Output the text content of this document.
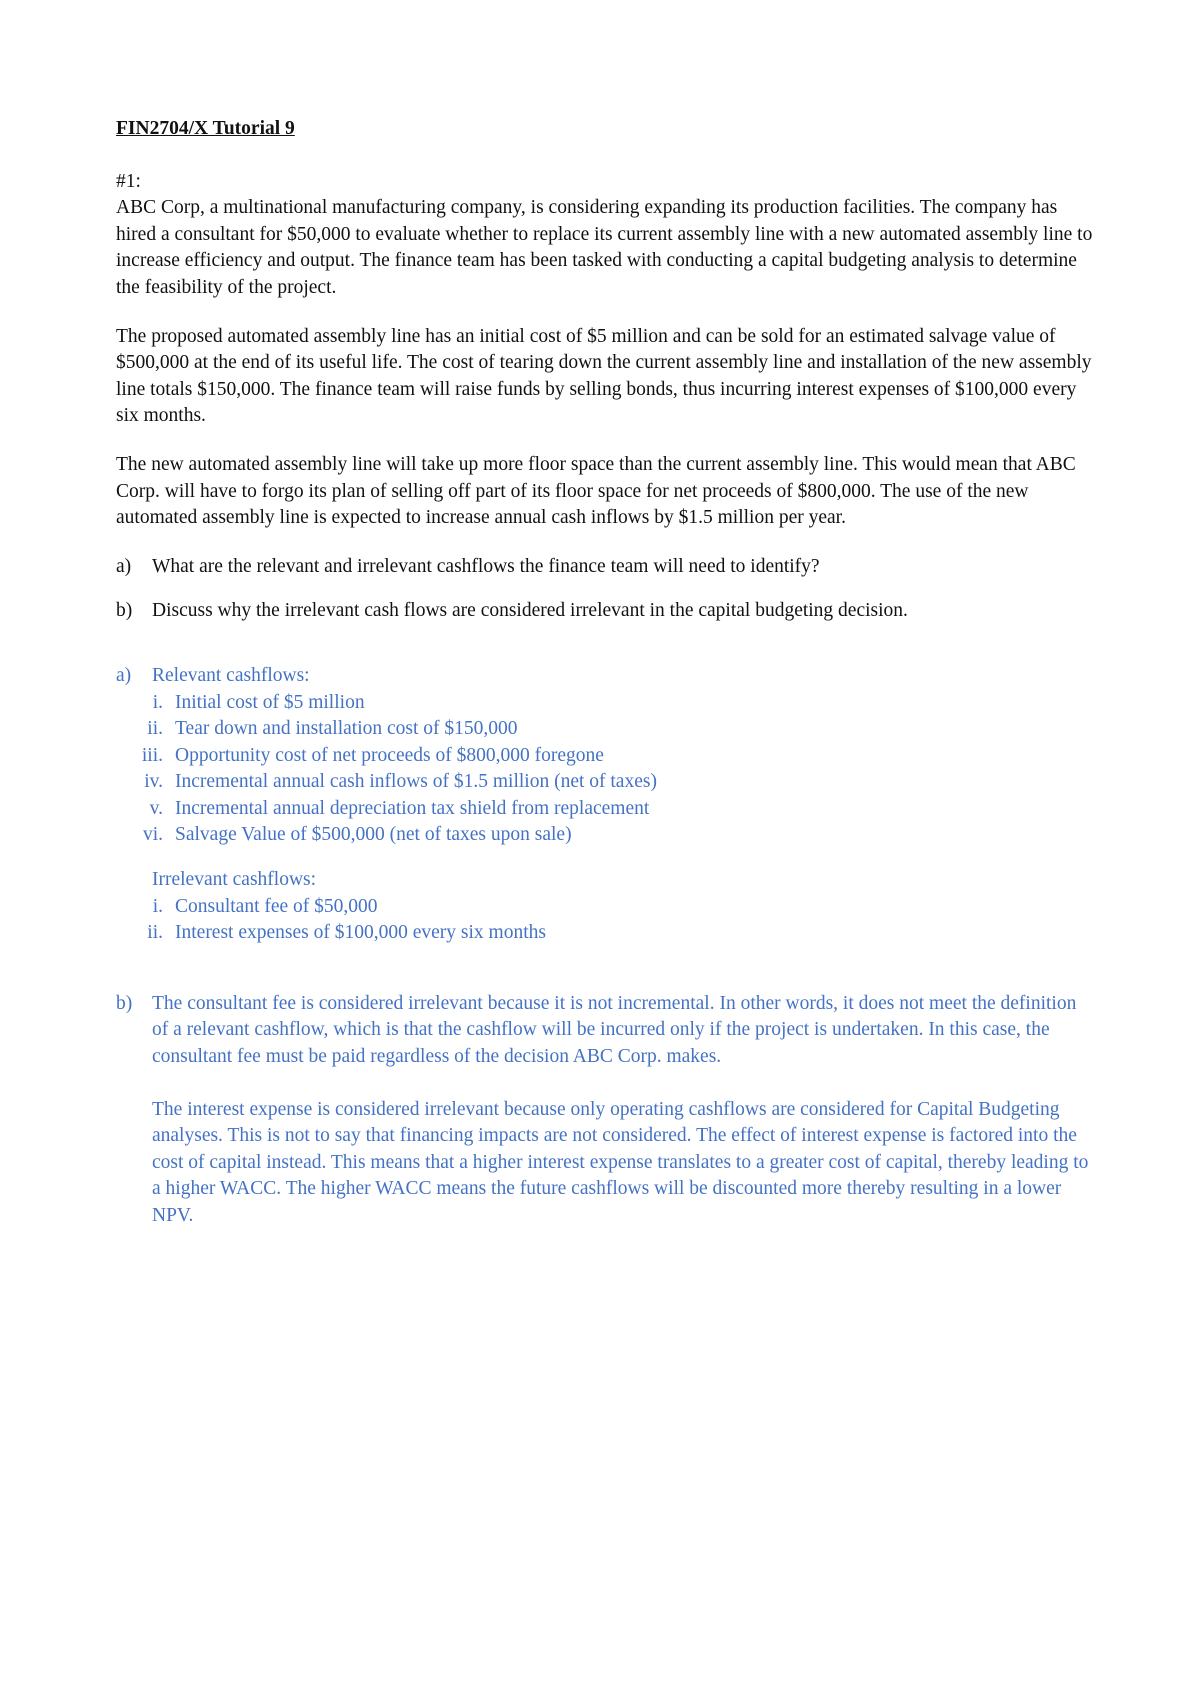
FIN2704/X Tutorial 9

#1:

ABC Corp, a multinational manufacturing company, is considering expanding its production facilities. The company has hired a consultant for $50,000 to evaluate whether to replace its current assembly line with a new automated assembly line to increase efficiency and output. The finance team has been tasked with conducting a capital budgeting analysis to determine the feasibility of the project.

The proposed automated assembly line has an initial cost of $5 million and can be sold for an estimated salvage value of $500,000 at the end of its useful life. The cost of tearing down the current assembly line and installation of the new assembly line totals $150,000. The finance team will raise funds by selling bonds, thus incurring interest expenses of $100,000 every six months.

The new automated assembly line will take up more floor space than the current assembly line. This would mean that ABC Corp. will have to forgo its plan of selling off part of its floor space for net proceeds of $800,000. The use of the new automated assembly line is expected to increase annual cash inflows by $1.5 million per year.

a)	What are the relevant and irrelevant cashflows the finance team will need to identify?
b)	Discuss why the irrelevant cash flows are considered irrelevant in the capital budgeting decision.
a)	Relevant cashflows:
i. Initial cost of $5 million
ii. Tear down and installation cost of $150,000
iii. Opportunity cost of net proceeds of $800,000 foregone
iv. Incremental annual cash inflows of $1.5 million (net of taxes)
v. Incremental annual depreciation tax shield from replacement
vi. Salvage Value of $500,000 (net of taxes upon sale)

Irrelevant cashflows:

i. Consultant fee of $50,000
ii. Interest expenses of $100,000 every six months
b)	The consultant fee is considered irrelevant because it is not incremental. In other words, it does not meet the definition of a relevant cashflow, which is that the cashflow will be incurred only if the project is undertaken. In this case, the consultant fee must be paid regardless of the decision ABC Corp. makes.

The interest expense is considered irrelevant because only operating cashflows are considered for Capital Budgeting analyses. This is not to say that financing impacts are not considered. The effect of interest expense is factored into the cost of capital instead. This means that a higher interest expense translates to a greater cost of capital, thereby leading to a higher WACC. The higher WACC means the future cashflows will be discounted more thereby resulting in a lower NPV.
